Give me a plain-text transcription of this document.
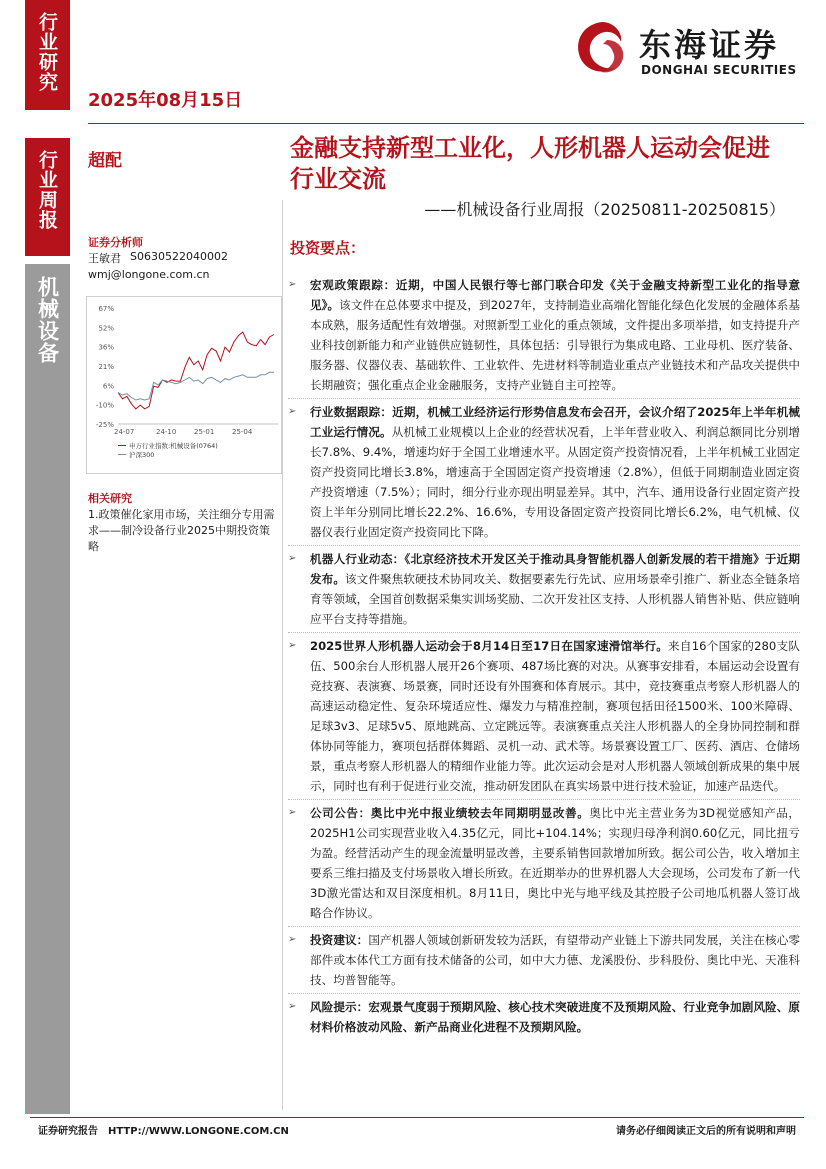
行业研究
行业周报
机械设备
2025年08月15日
东海证券
DONGHAI SECURITIES
超配
证券分析师
王敏君 S0630522040002
wmj@longone.com.cn
67%
52%
36%
21%
6%
-10%
-25%
24-07	24-10	25-01	25-04
申万行业指数:机械设备(0764)
沪深300
相关研究
1.政策催化家用市场，关注细分专用需求——制冷设备行业2025中期投资策略
金融支持新型工业化，人形机器人运动会促进行业交流
——机械设备行业周报（20250811-20250815）
投资要点：
➢ 宏观政策跟踪：近期，中国人民银行等七部门联合印发《关于金融支持新型工业化的指导意见》。该文件在总体要求中提及，到2027年，支持制造业高端化智能化绿色化发展的金融体系基本成熟，服务适配性有效增强。对照新型工业化的重点领域，文件提出多项举措，如支持提升产业科技创新能力和产业链供应链韧性，具体包括：引导银行为集成电路、工业母机、医疗装备、服务器、仪器仪表、基础软件、工业软件、先进材料等制造业重点产业链技术和产品攻关提供中长期融资；强化重点企业金融服务，支持产业链自主可控等。
➢ 行业数据跟踪：近期，机械工业经济运行形势信息发布会召开，会议介绍了2025年上半年机械工业运行情况。从机械工业规模以上企业的经营状况看，上半年营业收入、利润总额同比分别增长7.8%、9.4%，增速均好于全国工业增速水平。从固定资产投资情况看，上半年机械工业固定资产投资同比增长3.8%，增速高于全国固定资产投资增速（2.8%），但低于同期制造业固定资产投资增速（7.5%）；同时，细分行业亦现出明显差异。其中，汽车、通用设备行业固定资产投资上半年分别同比增长22.2%、16.6%，专用设备固定资产投资同比增长6.2%，电气机械、仪器仪表行业固定资产投资同比下降。
➢ 机器人行业动态：《北京经济技术开发区关于推动具身智能机器人创新发展的若干措施》于近期发布。该文件聚焦软硬技术协同攻关、数据要素先行先试、应用场景牵引推广、新业态全链条培育等领域，全国首创数据采集实训场奖励、二次开发社区支持、人形机器人销售补贴、供应链响应平台支持等措施。
➢ 2025世界人形机器人运动会于8月14日至17日在国家速滑馆举行。来自16个国家的280支队伍、500余台人形机器人展开26个赛项、487场比赛的对决。从赛事安排看，本届运动会设置有竞技赛、表演赛、场景赛，同时还设有外围赛和体育展示。其中，竞技赛重点考察人形机器人的高速运动稳定性、复杂环境适应性、爆发力与精准控制，赛项包括田径1500米、100米障碍、足球3v3、足球5v5、原地跳高、立定跳远等。表演赛重点关注人形机器人的全身协同控制和群体协同等能力，赛项包括群体舞蹈、灵机一动、武术等。场景赛设置工厂、医药、酒店、仓储场景，重点考察人形机器人的精细作业能力等。此次运动会是对人形机器人领域创新成果的集中展示，同时也有利于促进行业交流，推动研发团队在真实场景中进行技术验证，加速产品迭代。
➢ 公司公告：奥比中光中报业绩较去年同期明显改善。奥比中光主营业务为3D视觉感知产品，2025H1公司实现营业收入4.35亿元，同比+104.14%；实现归母净利润0.60亿元，同比扭亏为盈。经营活动产生的现金流量明显改善，主要系销售回款增加所致。据公司公告，收入增加主要系三维扫描及支付场景收入增长所致。在近期举办的世界机器人大会现场，公司发布了新一代3D激光雷达和双目深度相机。8月11日，奥比中光与地平线及其控股子公司地瓜机器人签订战略合作协议。
➢ 投资建议：国产机器人领域创新研发较为活跃，有望带动产业链上下游共同发展，关注在核心零部件或本体代工方面有技术储备的公司，如中大力德、龙溪股份、步科股份、奥比中光、天准科技、均普智能等。
➢ 风险提示：宏观景气度弱于预期风险、核心技术突破进度不及预期风险、行业竞争加剧风险、原材料价格波动风险、新产品商业化进程不及预期风险。
证券研究报告　HTTP://WWW.LONGONE.COM.CN	请务必仔细阅读正文后的所有说明和声明
